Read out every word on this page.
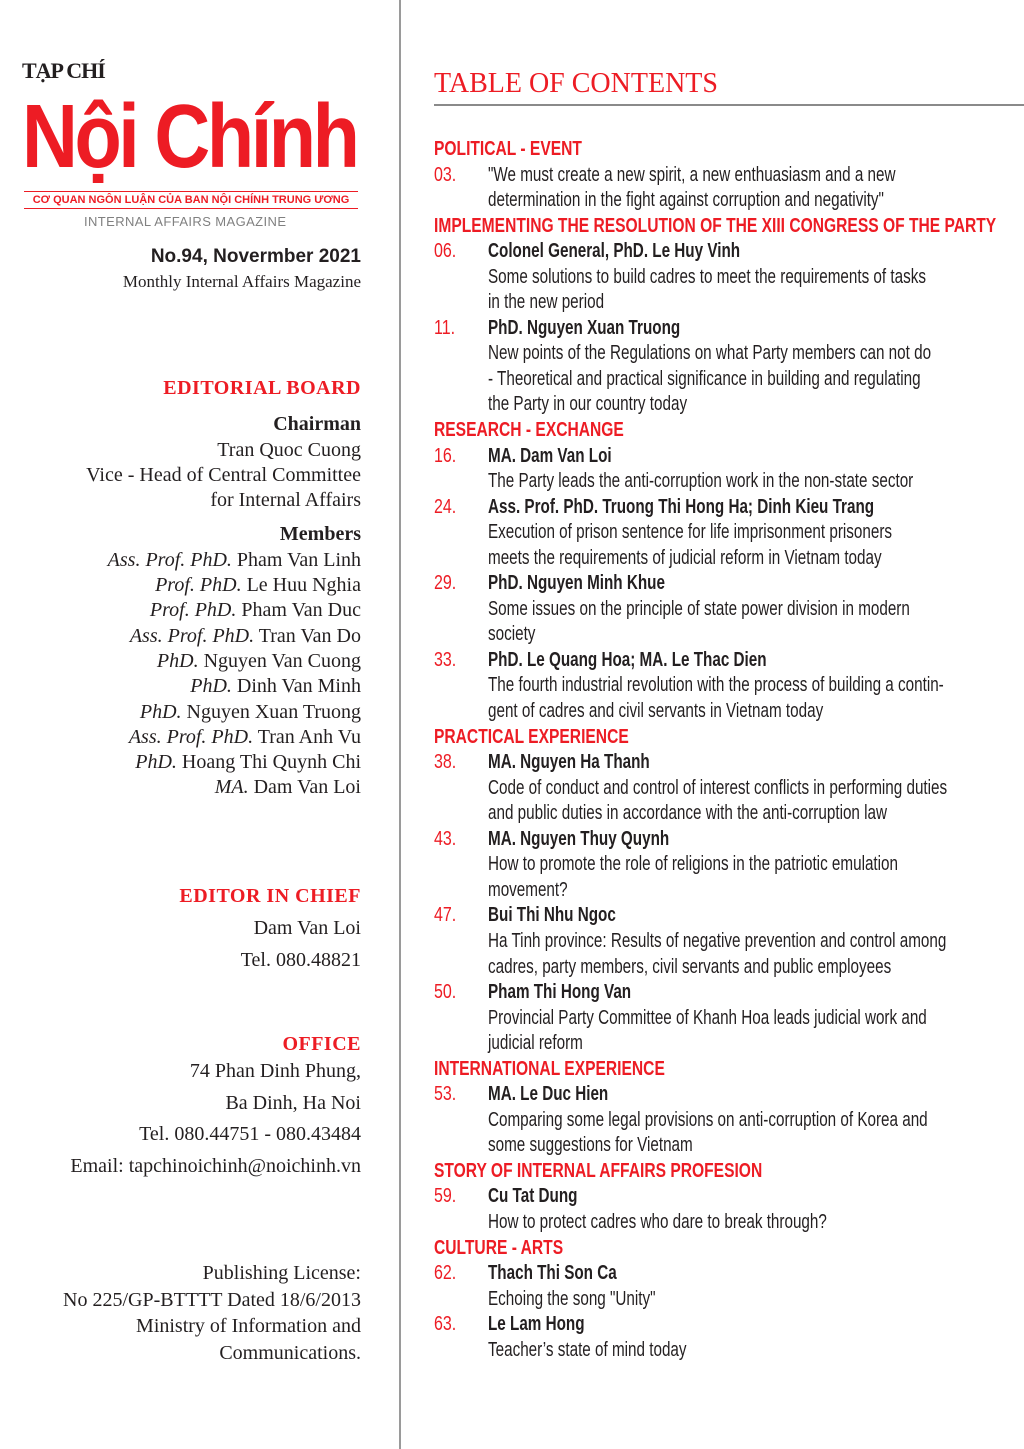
TẠP CHÍ
Nội Chính
CƠ QUAN NGÔN LUẬN CỦA BAN NỘI CHÍNH TRUNG ƯƠNG
INTERNAL AFFAIRS MAGAZINE
No.94, Novermber 2021
Monthly Internal Affairs Magazine
EDITORIAL BOARD
Chairman
Tran Quoc Cuong
Vice - Head of Central Committee
for Internal Affairs
Members
Ass. Prof. PhD. Pham Van Linh
Prof. PhD. Le Huu Nghia
Prof. PhD. Pham Van Duc
Ass. Prof. PhD. Tran Van Do
PhD. Nguyen Van Cuong
PhD. Dinh Van Minh
PhD. Nguyen Xuan Truong
Ass. Prof. PhD. Tran Anh Vu
PhD. Hoang Thi Quynh Chi
MA. Dam Van Loi
EDITOR IN CHIEF
Dam Van Loi
Tel. 080.48821
OFFICE
74 Phan Dinh Phung,
Ba Dinh, Ha Noi
Tel. 080.44751 - 080.43484
Email: tapchinoichinh@noichinh.vn
Publishing License:
No 225/GP-BTTTT Dated 18/6/2013
Ministry of Information and
Communications.
TABLE OF CONTENTS
POLITICAL - EVENT
03. "We must create a new spirit, a new enthuasiasm and a new
determination in the fight against corruption and negativity"
IMPLEMENTING THE RESOLUTION OF THE XIII CONGRESS OF THE PARTY
06. Colonel General, PhD. Le Huy Vinh
Some solutions to build cadres to meet the requirements of tasks
in the new period
11. PhD. Nguyen Xuan Truong
New points of the Regulations on what Party members can not do
- Theoretical and practical significance in building and regulating
the Party in our country today
RESEARCH - EXCHANGE
16. MA. Dam Van Loi
The Party leads the anti-corruption work in the non-state sector
24. Ass. Prof. PhD. Truong Thi Hong Ha; Dinh Kieu Trang
Execution of prison sentence for life imprisonment prisoners
meets the requirements of judicial reform in Vietnam today
29. PhD. Nguyen Minh Khue
Some issues on the principle of state power division in modern
society
33. PhD. Le Quang Hoa; MA. Le Thac Dien
The fourth industrial revolution with the process of building a contin-
gent of cadres and civil servants in Vietnam today
PRACTICAL EXPERIENCE
38. MA. Nguyen Ha Thanh
Code of conduct and control of interest conflicts in performing duties
and public duties in accordance with the anti-corruption law
43. MA. Nguyen Thuy Quynh
How to promote the role of religions in the patriotic emulation
movement?
47. Bui Thi Nhu Ngoc
Ha Tinh province: Results of negative prevention and control among
cadres, party members, civil servants and public employees
50. Pham Thi Hong Van
Provincial Party Committee of Khanh Hoa leads judicial work and
judicial reform
INTERNATIONAL EXPERIENCE
53. MA. Le Duc Hien
Comparing some legal provisions on anti-corruption of Korea and
some suggestions for Vietnam
STORY OF INTERNAL AFFAIRS PROFESION
59. Cu Tat Dung
How to protect cadres who dare to break through?
CULTURE - ARTS
62. Thach Thi Son Ca
Echoing the song "Unity"
63. Le Lam Hong
Teacher’s state of mind today
